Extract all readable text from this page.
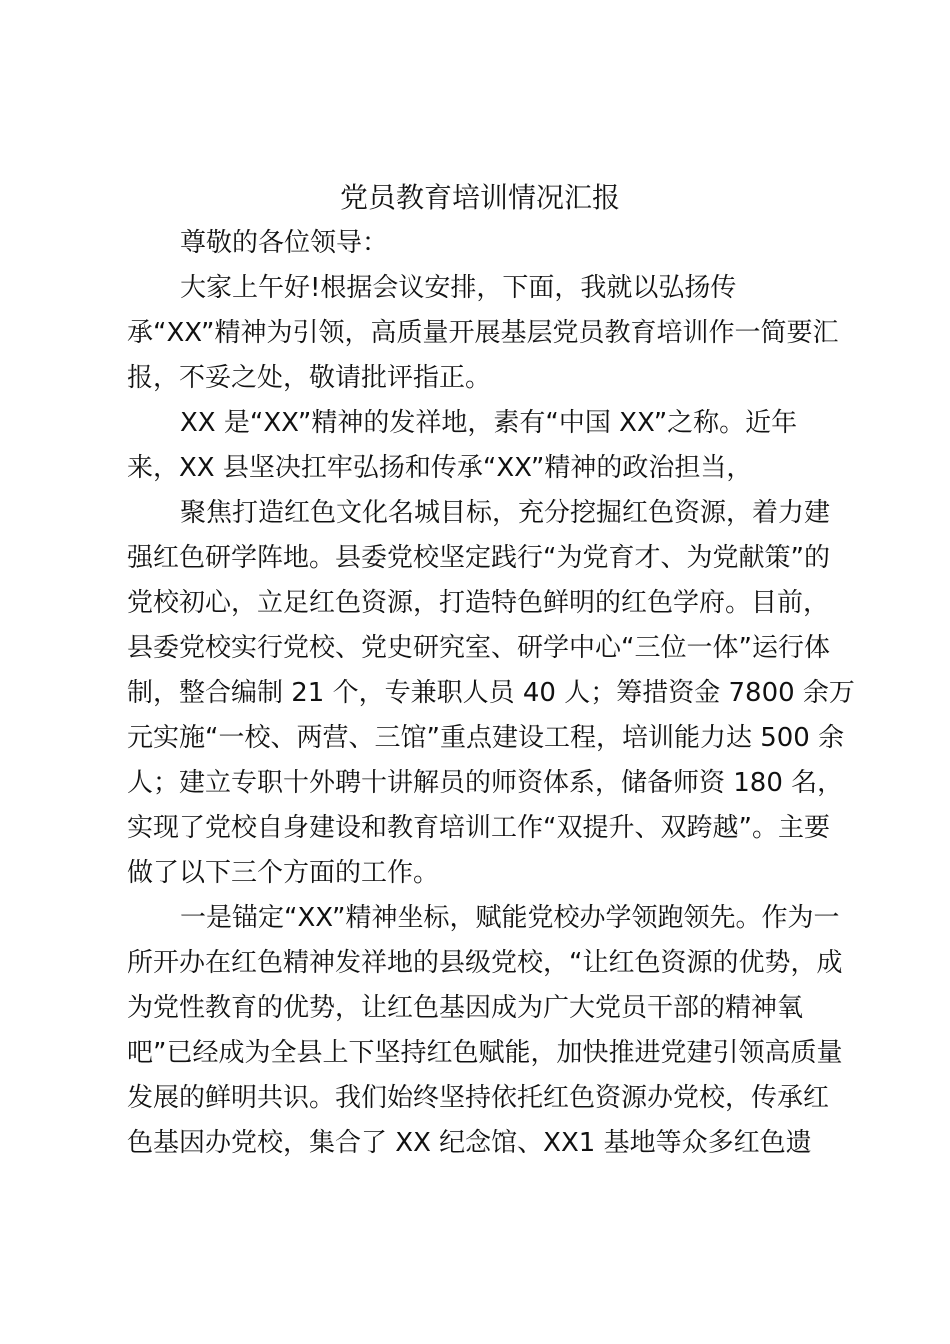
党员教育培训情况汇报
尊敬的各位领导：
大家上午好!根据会议安排，下面，我就以弘扬传
承“XX”精神为引领，高质量开展基层党员教育培训作一简要汇
报，不妥之处，敬请批评指正。
XX 是“XX”精神的发祥地，素有“中国 XX”之称。近年
来，XX 县坚决扛牢弘扬和传承“XX”精神的政治担当，
聚焦打造红色文化名城目标，充分挖掘红色资源，着力建
强红色研学阵地。县委党校坚定践行“为党育才、为党献策”的
党校初心，立足红色资源，打造特色鲜明的红色学府。目前，
县委党校实行党校、党史研究室、研学中心“三位一体”运行体
制，整合编制 21 个，专兼职人员 40 人；筹措资金 7800 余万
元实施“一校、两营、三馆”重点建设工程，培训能力达 500 余
人；建立专职十外聘十讲解员的师资体系，储备师资 180 名，
实现了党校自身建设和教育培训工作“双提升、双跨越”。主要
做了以下三个方面的工作。
一是锚定“XX”精神坐标，赋能党校办学领跑领先。作为一
所开办在红色精神发祥地的县级党校，“让红色资源的优势，成
为党性教育的优势，让红色基因成为广大党员干部的精神氧
吧”已经成为全县上下坚持红色赋能，加快推进党建引领高质量
发展的鲜明共识。我们始终坚持依托红色资源办党校，传承红
色基因办党校，集合了 XX 纪念馆、XX1 基地等众多红色遗
